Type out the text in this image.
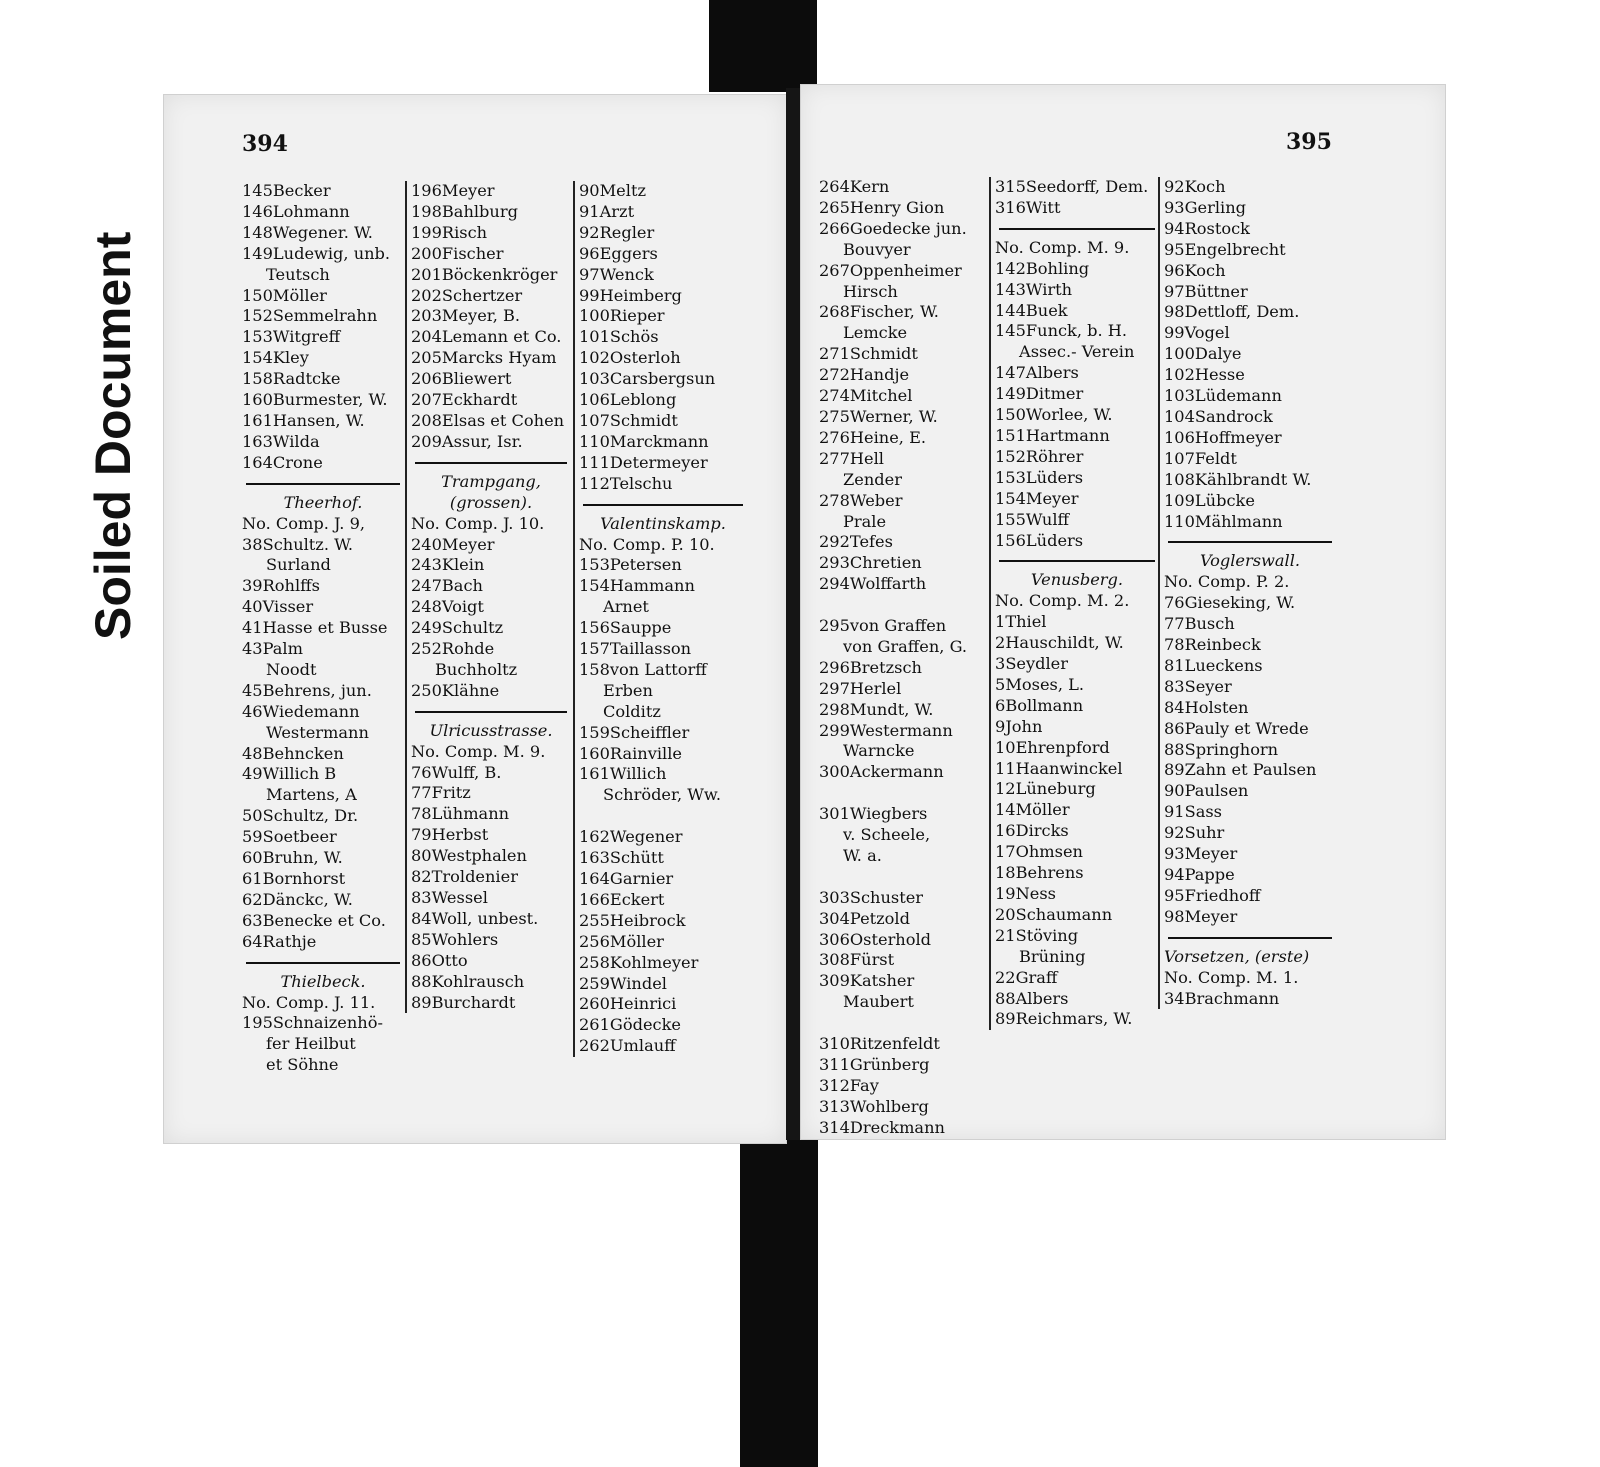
Soiled Document
394
145Becker
146Lohmann
148Wegener. W.
149Ludewig, unb.
Teutsch
150Möller
152Semmelrahn
153Witgreff
154Kley
158Radtcke
160Burmester, W.
161Hansen, W.
163Wilda
164Crone
Theerhof.
No. Comp. J. 9,
38Schultz. W.
Surland
39Rohlffs
40Visser
41Hasse et Busse
43Palm
Noodt
45Behrens, jun.
46Wiedemann
Westermann
48Behncken
49Willich B
Martens, A
50Schultz, Dr.
59Soetbeer
60Bruhn, W.
61Bornhorst
62Dänckc, W.
63Benecke et Co.
64Rathje
Thielbeck.
No. Comp. J. 11.
195Schnaizenhö-
fer Heilbut
et Söhne
196Meyer
198Bahlburg
199Risch
200Fischer
201Böckenkröger
202Schertzer
203Meyer, B.
204Lemann et Co.
205Marcks Hyam
206Bliewert
207Eckhardt
208Elsas et Cohen
209Assur, Isr.
Trampgang,
(grossen).
No. Comp. J. 10.
240Meyer
243Klein
247Bach
248Voigt
249Schultz
252Rohde
Buchholtz
250Klähne
Ulricusstrasse.
No. Comp. M. 9.
76Wulff, B.
77Fritz
78Lühmann
79Herbst
80Westphalen
82Troldenier
83Wessel
84Woll, unbest.
85Wohlers
86Otto
88Kohlrausch
89Burchardt
90Meltz
91Arzt
92Regler
96Eggers
97Wenck
99Heimberg
100Rieper
101Schös
102Osterloh
103Carsbergsun
106Leblong
107Schmidt
110Marckmann
111Determeyer
112Telschu
Valentinskamp.
No. Comp. P. 10.
153Petersen
154Hammann
Arnet
156Sauppe
157Taillasson
158von Lattorff
Erben
Colditz
159Scheiffler
160Rainville
161Willich
Schröder, Ww.
162Wegener
163Schütt
164Garnier
166Eckert
255Heibrock
256Möller
258Kohlmeyer
259Windel
260Heinrici
261Gödecke
262Umlauff
395
264Kern
265Henry Gion
266Goedecke jun.
Bouvyer
267Oppenheimer
Hirsch
268Fischer, W.
Lemcke
271Schmidt
272Handje
274Mitchel
275Werner, W.
276Heine, E.
277Hell
Zender
278Weber
Prale
292Tefes
293Chretien
294Wolffarth
295von Graffen
von Graffen, G.
296Bretzsch
297Herlel
298Mundt, W.
299Westermann
Warncke
300Ackermann
301Wiegbers
v. Scheele,
W. a.
303Schuster
304Petzold
306Osterhold
308Fürst
309Katsher
Maubert
310Ritzenfeldt
311Grünberg
312Fay
313Wohlberg
314Dreckmann
315Seedorff, Dem.
316Witt
No. Comp. M. 9.
142Bohling
143Wirth
144Buek
145Funck, b. H.
Assec.- Verein
147Albers
149Ditmer
150Worlee, W.
151Hartmann
152Röhrer
153Lüders
154Meyer
155Wulff
156Lüders
Venusberg.
No. Comp. M. 2.
1Thiel
2Hauschildt, W.
3Seydler
5Moses, L.
6Bollmann
9John
10Ehrenpford
11Haanwinckel
12Lüneburg
14Möller
16Dircks
17Ohmsen
18Behrens
19Ness
20Schaumann
21Stöving
Brüning
22Graff
88Albers
89Reichmars, W.
92Koch
93Gerling
94Rostock
95Engelbrecht
96Koch
97Büttner
98Dettloff, Dem.
99Vogel
100Dalye
102Hesse
103Lüdemann
104Sandrock
106Hoffmeyer
107Feldt
108Kählbrandt W.
109Lübcke
110Mählmann
Voglerswall.
No. Comp. P. 2.
76Gieseking, W.
77Busch
78Reinbeck
81Lueckens
83Seyer
84Holsten
86Pauly et Wrede
88Springhorn
89Zahn et Paulsen
90Paulsen
91Sass
92Suhr
93Meyer
94Pappe
95Friedhoff
98Meyer
Vorsetzen, (erste)
No. Comp. M. 1.
34Brachmann
